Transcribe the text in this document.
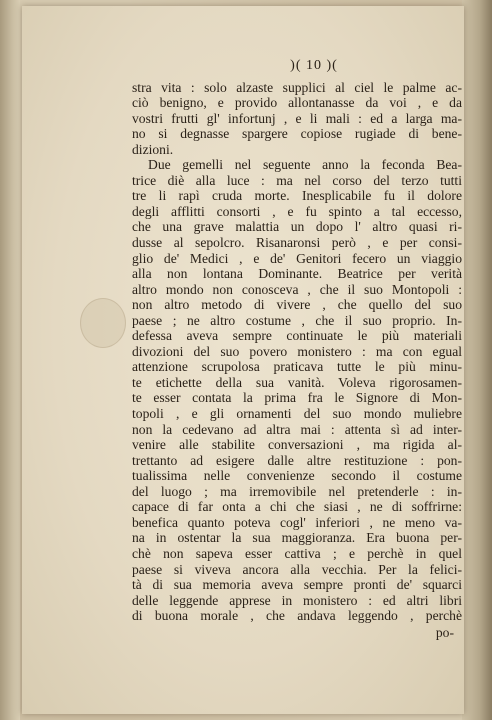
)( 10 )(
stra vita : solo alzaste supplici al ciel le palme ac-
ciò benigno, e provido allontanasse da voi , e da
vostri frutti gl' infortunj , e li mali : ed a larga ma-
no si degnasse spargere copiose rugiade di bene-
dizioni.
Due gemelli nel seguente anno la feconda Bea-
trice diè alla luce : ma nel corso del terzo tutti
tre li rapì cruda morte. Inesplicabile fu il dolore
degli afflitti consorti , e fu spinto a tal eccesso,
che una grave malattia un dopo l' altro quasi ri-
dusse al sepolcro. Risanaronsi però , e per consi-
glio de' Medici , e de' Genitori fecero un viaggio
alla non lontana Dominante. Beatrice per verità
altro mondo non conosceva , che il suo Montopoli :
non altro metodo di vivere , che quello del suo
paese ; ne altro costume , che il suo proprio. In-
defessa aveva sempre continuate le più materiali
divozioni del suo povero monistero : ma con egual
attenzione scrupolosa praticava tutte le più minu-
te etichette della sua vanità. Voleva rigorosamen-
te esser contata la prima fra le Signore di Mon-
topoli , e gli ornamenti del suo mondo muliebre
non la cedevano ad altra mai : attenta sì ad inter-
venire alle stabilite conversazioni , ma rigida al-
trettanto ad esigere dalle altre restituzione : pon-
tualissima nelle convenienze secondo il costume
del luogo ; ma irremovibile nel pretenderle : in-
capace di far onta a chi che siasi , ne di soffrirne:
benefica quanto poteva cogl' inferiori , ne meno va-
na in ostentar la sua maggioranza. Era buona per-
chè non sapeva esser cattiva ; e perchè in quel
paese si viveva ancora alla vecchia. Per la felici-
tà di sua memoria aveva sempre pronti de' squarci
delle leggende apprese in monistero : ed altri libri
di buona morale , che andava leggendo , perchè
po-
